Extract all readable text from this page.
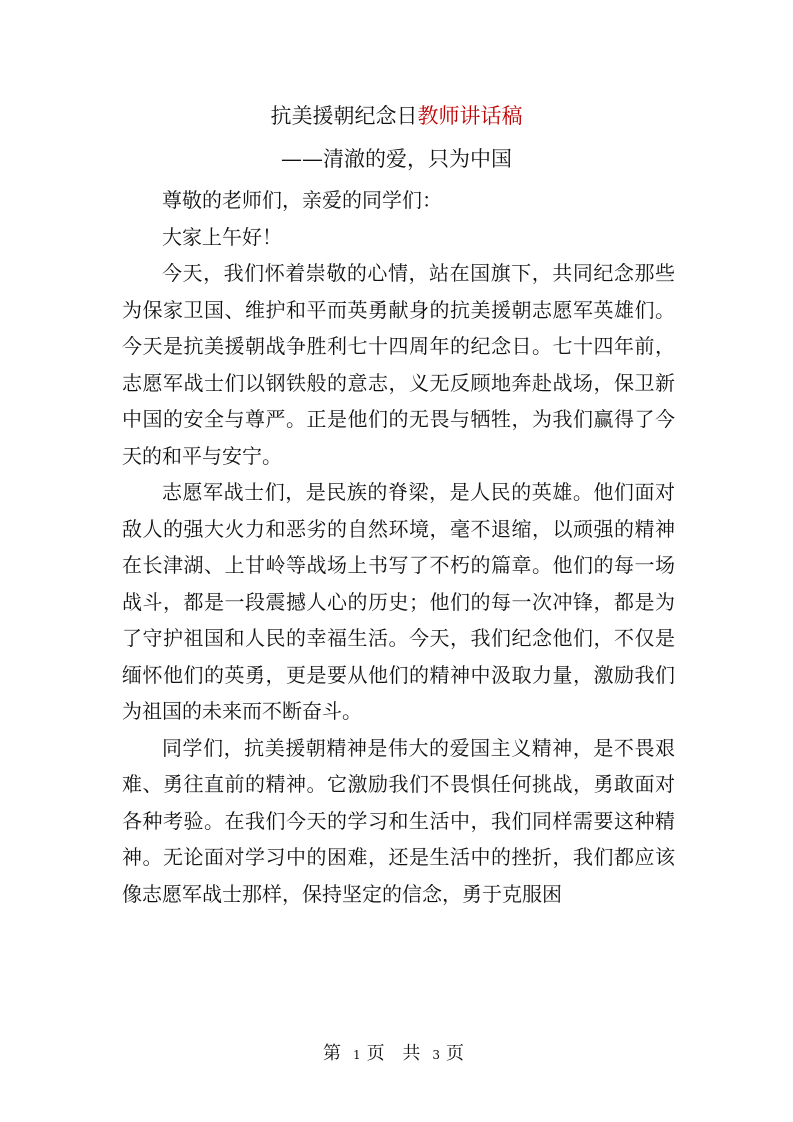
抗美援朝纪念日教师讲话稿
——清澈的爱，只为中国

尊敬的老师们，亲爱的同学们：

大家上午好！

今天，我们怀着崇敬的心情，站在国旗下，共同纪念那些为保家卫国、维护和平而英勇献身的抗美援朝志愿军英雄们。今天是抗美援朝战争胜利七十四周年的纪念日。七十四年前，志愿军战士们以钢铁般的意志，义无反顾地奔赴战场，保卫新中国的安全与尊严。正是他们的无畏与牺牲，为我们赢得了今天的和平与安宁。

志愿军战士们，是民族的脊梁，是人民的英雄。他们面对敌人的强大火力和恶劣的自然环境，毫不退缩，以顽强的精神在长津湖、上甘岭等战场上书写了不朽的篇章。他们的每一场战斗，都是一段震撼人心的历史；他们的每一次冲锋，都是为了守护祖国和人民的幸福生活。今天，我们纪念他们，不仅是缅怀他们的英勇，更是要从他们的精神中汲取力量，激励我们为祖国的未来而不断奋斗。

同学们，抗美援朝精神是伟大的爱国主义精神，是不畏艰难、勇往直前的精神。它激励我们不畏惧任何挑战，勇敢面对各种考验。在我们今天的学习和生活中，我们同样需要这种精神。无论面对学习中的困难，还是生活中的挫折，我们都应该像志愿军战士那样，保持坚定的信念，勇于克服困

第 1 页 共 3 页
